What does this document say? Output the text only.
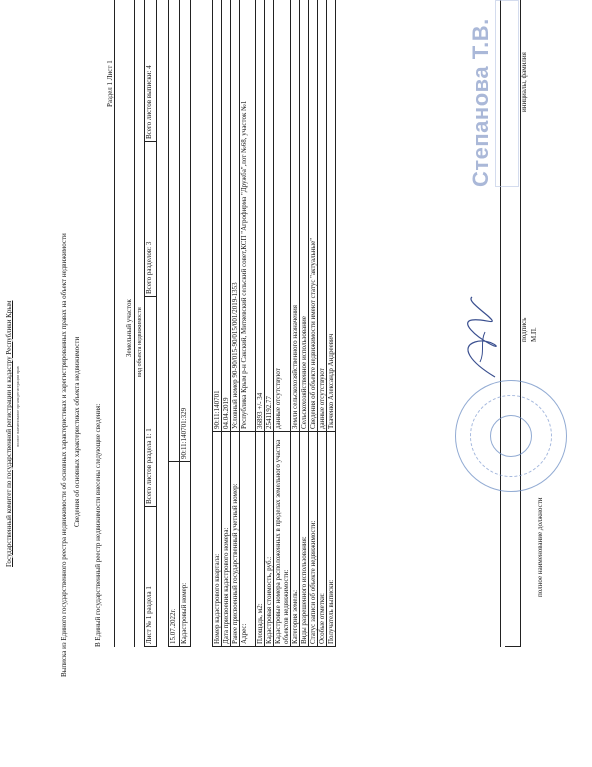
Государственный комитет по государственной регистрации и кадастру Республики Крым полное наименование органа регистрации прав	Выписка из Единого государственного реестра недвижимости об основных характеристиках и зарегистрированных правах на объект недвижимости Сведения об основных характеристиках объекта недвижимости В Единый государственный реестр недвижимости внесены следующие сведения:
Раздел 1 Лист 1
Земельный участок вид объекта недвижимости
Лист № 1 раздела 1	Всего листов раздела 1: 1	Всего разделов: 3	Всего листов выписки: 4
15.07.2022г.	
Кадастровый номер:	90:11:140701:329
Номер кадастрового квартала:	90:11:140701
Дата присвоения кадастрового номера:	04.04.2019
Ранее присвоенный государственный учетный номер:	Условный номер 90-90/015-90/015/001/2019-1353
Адрес:	Республика Крым р-н Сакский, Митяевский сельский совет,КСП "Агрофирма "Дружба",лот №68, участок №1
Площадь, м2:	36893 +/- 34
Кадастровая стоимость, руб.:	2541192.77
Кадастровые номера расположенных в пределах земельного участка объектов недвижимости:	данные отсутствуют
Категория земель:	Земли сельскохозяйственного назначения
Виды разрешенного использования:	Сельскохозяйственное использование
Статус записи об объекте недвижимости:	Сведения об объекте недвижимости имеют статус "актуальные"
Особые отметки:	данные отсутствуют
Получатель выписки:	Ткаченко Александр Андреевич
полное наименование должности
подпись М.П.
инициалы, фамилия
Степанова Т.В.
